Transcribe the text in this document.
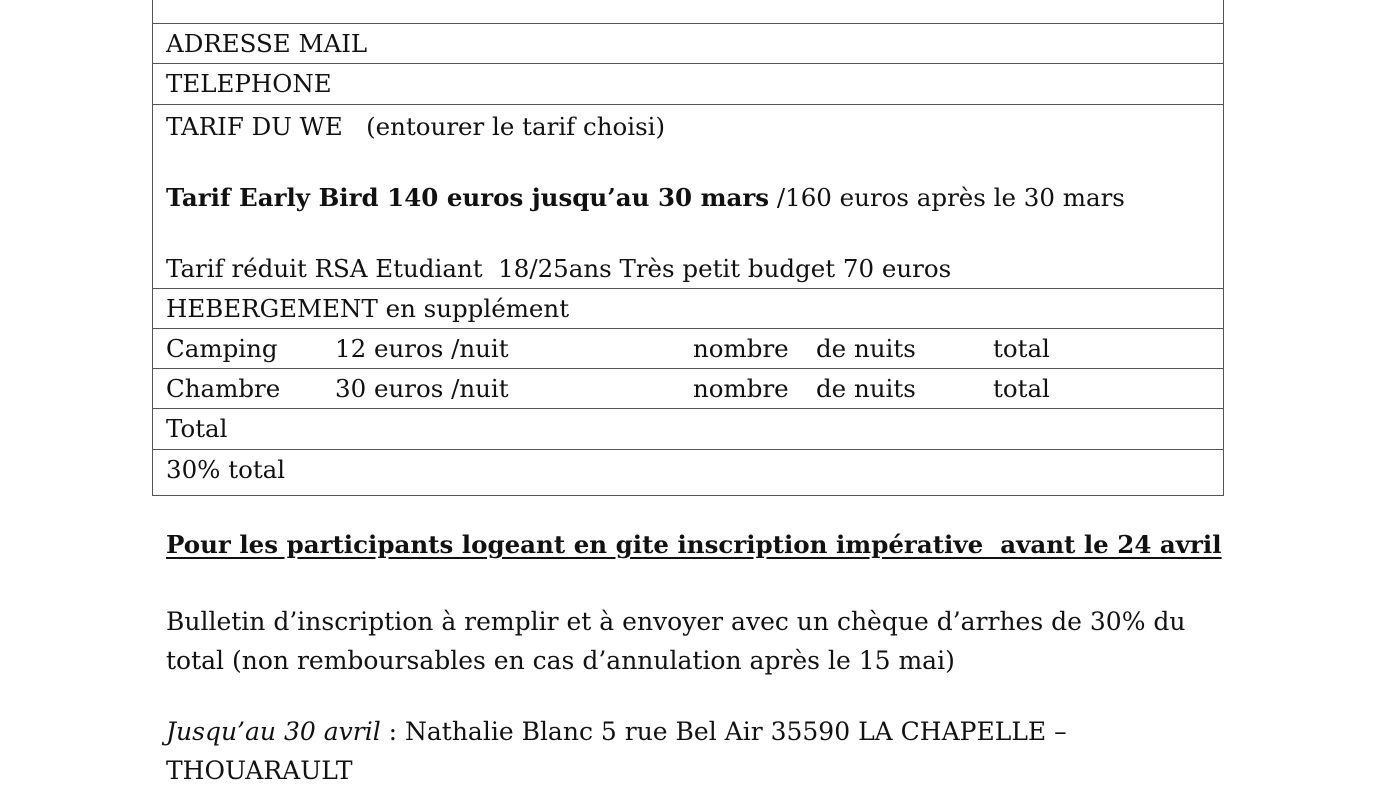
ADRESSE MAIL
TELEPHONE
TARIF DU WE   (entourer le tarif choisi)
Tarif Early Bird 140 euros jusqu’au 30 mars /160 euros après le 30 mars
Tarif réduit RSA Etudiant  18/25ans Très petit budget 70 euros
HEBERGEMENT en supplément
Camping 12 euros /nuit	nombre de nuits	total
Chambre 30 euros /nuit	nombre de nuits	total
Total
30% total
Pour les participants logeant en gite inscription impérative  avant le 24 avril
Bulletin d’inscription à remplir et à envoyer avec un chèque d’arrhes de 30% du total (non remboursables en cas d’annulation après le 15 mai)
Jusqu’au 30 avril : Nathalie Blanc 5 rue Bel Air 35590 LA CHAPELLE – THOUARAULT
